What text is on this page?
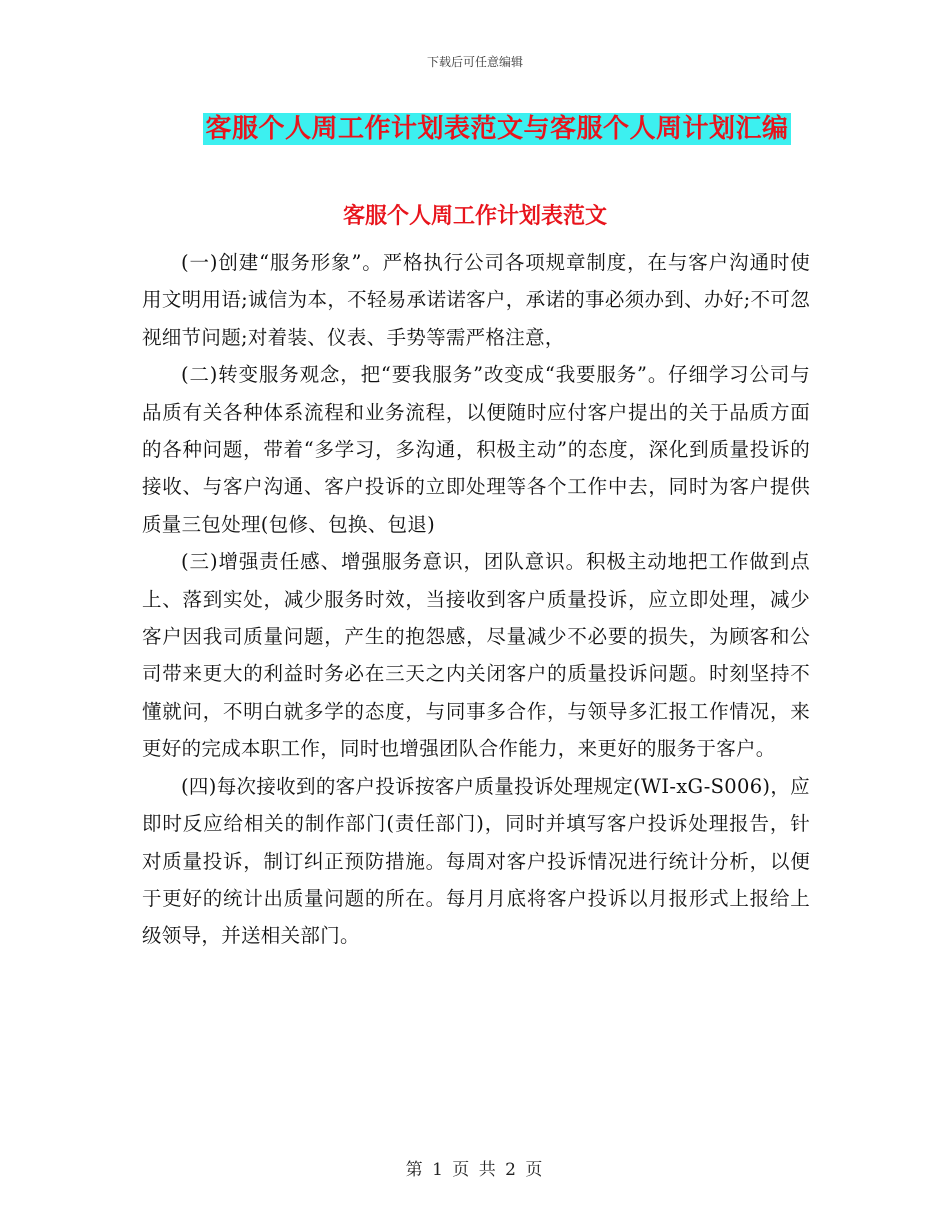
下载后可任意编辑
客服个人周工作计划表范文与客服个人周计划汇编
客服个人周工作计划表范文

(一)创建“服务形象”。严格执行公司各项规章制度，在与客户沟通时使用文明用语;诚信为本，不轻易承诺诺客户，承诺的事必须办到、办好;不可忽视细节问题;对着装、仪表、手势等需严格注意，

(二)转变服务观念，把“要我服务”改变成“我要服务”。仔细学习公司与品质有关各种体系流程和业务流程，以便随时应付客户提出的关于品质方面的各种问题，带着“多学习，多沟通，积极主动”的态度，深化到质量投诉的接收、与客户沟通、客户投诉的立即处理等各个工作中去，同时为客户提供质量三包处理(包修、包换、包退)

(三)增强责任感、增强服务意识，团队意识。积极主动地把工作做到点上、落到实处，减少服务时效，当接收到客户质量投诉，应立即处理，减少客户因我司质量问题，产生的抱怨感，尽量减少不必要的损失，为顾客和公司带来更大的利益时务必在三天之内关闭客户的质量投诉问题。时刻坚持不懂就问，不明白就多学的态度，与同事多合作，与领导多汇报工作情况，来更好的完成本职工作，同时也增强团队合作能力，来更好的服务于客户。

(四)每次接收到的客户投诉按客户质量投诉处理规定(WI-xG-S006)，应即时反应给相关的制作部门(责任部门)，同时并填写客户投诉处理报告，针对质量投诉，制订纠正预防措施。每周对客户投诉情况进行统计分析，以便于更好的统计出质量问题的所在。每月月底将客户投诉以月报形式上报给上级领导，并送相关部门。

第 1 页 共 2 页
